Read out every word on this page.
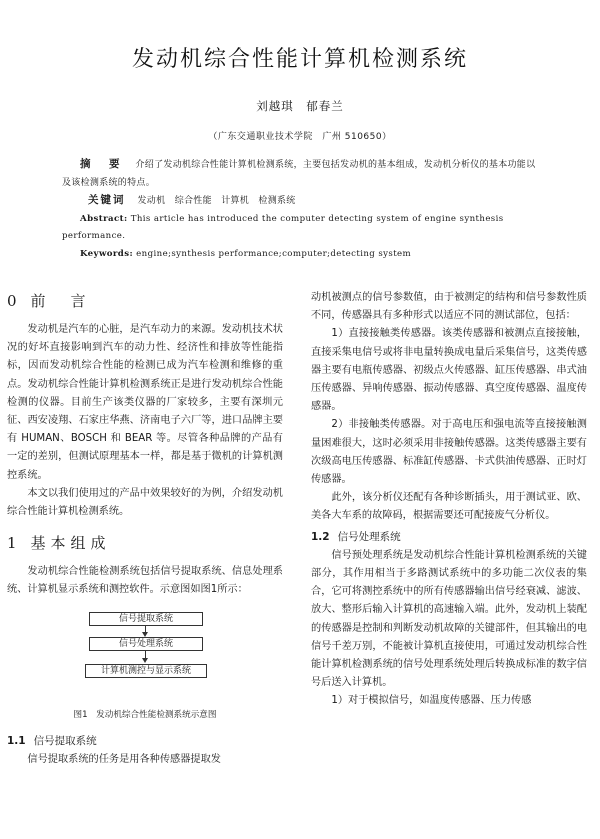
发动机综合性能计算机检测系统
刘越琪　郁春兰
（广东交通职业技术学院　广州 510650）
摘　要 介绍了发动机综合性能计算机检测系统，主要包括发动机的基本组成，发动机分析仪的基本功能以及该检测系统的特点。
关键词 发动机　综合性能　计算机　检测系统
Abstract: This article has introduced the computer detecting system of engine synthesis performance.
Keywords: engine;synthesis performance;computer;detecting system
0 前　言

发动机是汽车的心脏，是汽车动力的来源。发动机技术状况的好坏直接影响到汽车的动力性、经济性和排放等性能指标，因而发动机综合性能的检测已成为汽车检测和维修的重点。发动机综合性能计算机检测系统正是进行发动机综合性能检测的仪器。目前生产该类仪器的厂家较多，主要有深圳元征、西安凌翔、石家庄华燕、济南电子六厂等，进口品牌主要有 HUMAN、BOSCH 和 BEAR 等。尽管各种品牌的产品有一定的差别，但测试原理基本一样，都是基于微机的计算机测控系统。

本文以我们使用过的产品中效果较好的为例，介绍发动机综合性能计算机检测系统。

1 基本组成

发动机综合性能检测系统包括信号提取系统、信息处理系统、计算机显示系统和测控软件。示意图如图1所示：

信号提取系统
信号处理系统
计算机测控与显示系统
图1　发动机综合性能检测系统示意图
1.1 信号提取系统

信号提取系统的任务是用各种传感器提取发

动机被测点的信号参数值，由于被测定的结构和信号参数性质不同，传感器具有多种形式以适应不同的测试部位，包括：

1）直接接触类传感器。该类传感器和被测点直接接触，直接采集电信号或将非电量转换成电量后采集信号，这类传感器主要有电瓶传感器、初级点火传感器、缸压传感器、串式油压传感器、异响传感器、振动传感器、真空度传感器、温度传感器。

2）非接触类传感器。对于高电压和强电流等直接接触测量困难很大，这时必须采用非接触传感器。这类传感器主要有次级高电压传感器、标准缸传感器、卡式供油传感器、正时灯传感器。

此外，该分析仪还配有各种诊断插头，用于测试亚、欧、美各大车系的故障码，根据需要还可配接废气分析仪。

1.2 信号处理系统

信号预处理系统是发动机综合性能计算机检测系统的关键部分，其作用相当于多路测试系统中的多功能二次仪表的集合，它可将测控系统中的所有传感器输出信号经衰减、滤波、放大、整形后输入计算机的高速输入端。此外，发动机上装配的传感器是控制和判断发动机故障的关键部件，但其输出的电信号千差万别，不能被计算机直接使用，可通过发动机综合性能计算机检测系统的信号处理系统处理后转换成标准的数字信号后送入计算机。

1）对于模拟信号，如温度传感器、压力传感
